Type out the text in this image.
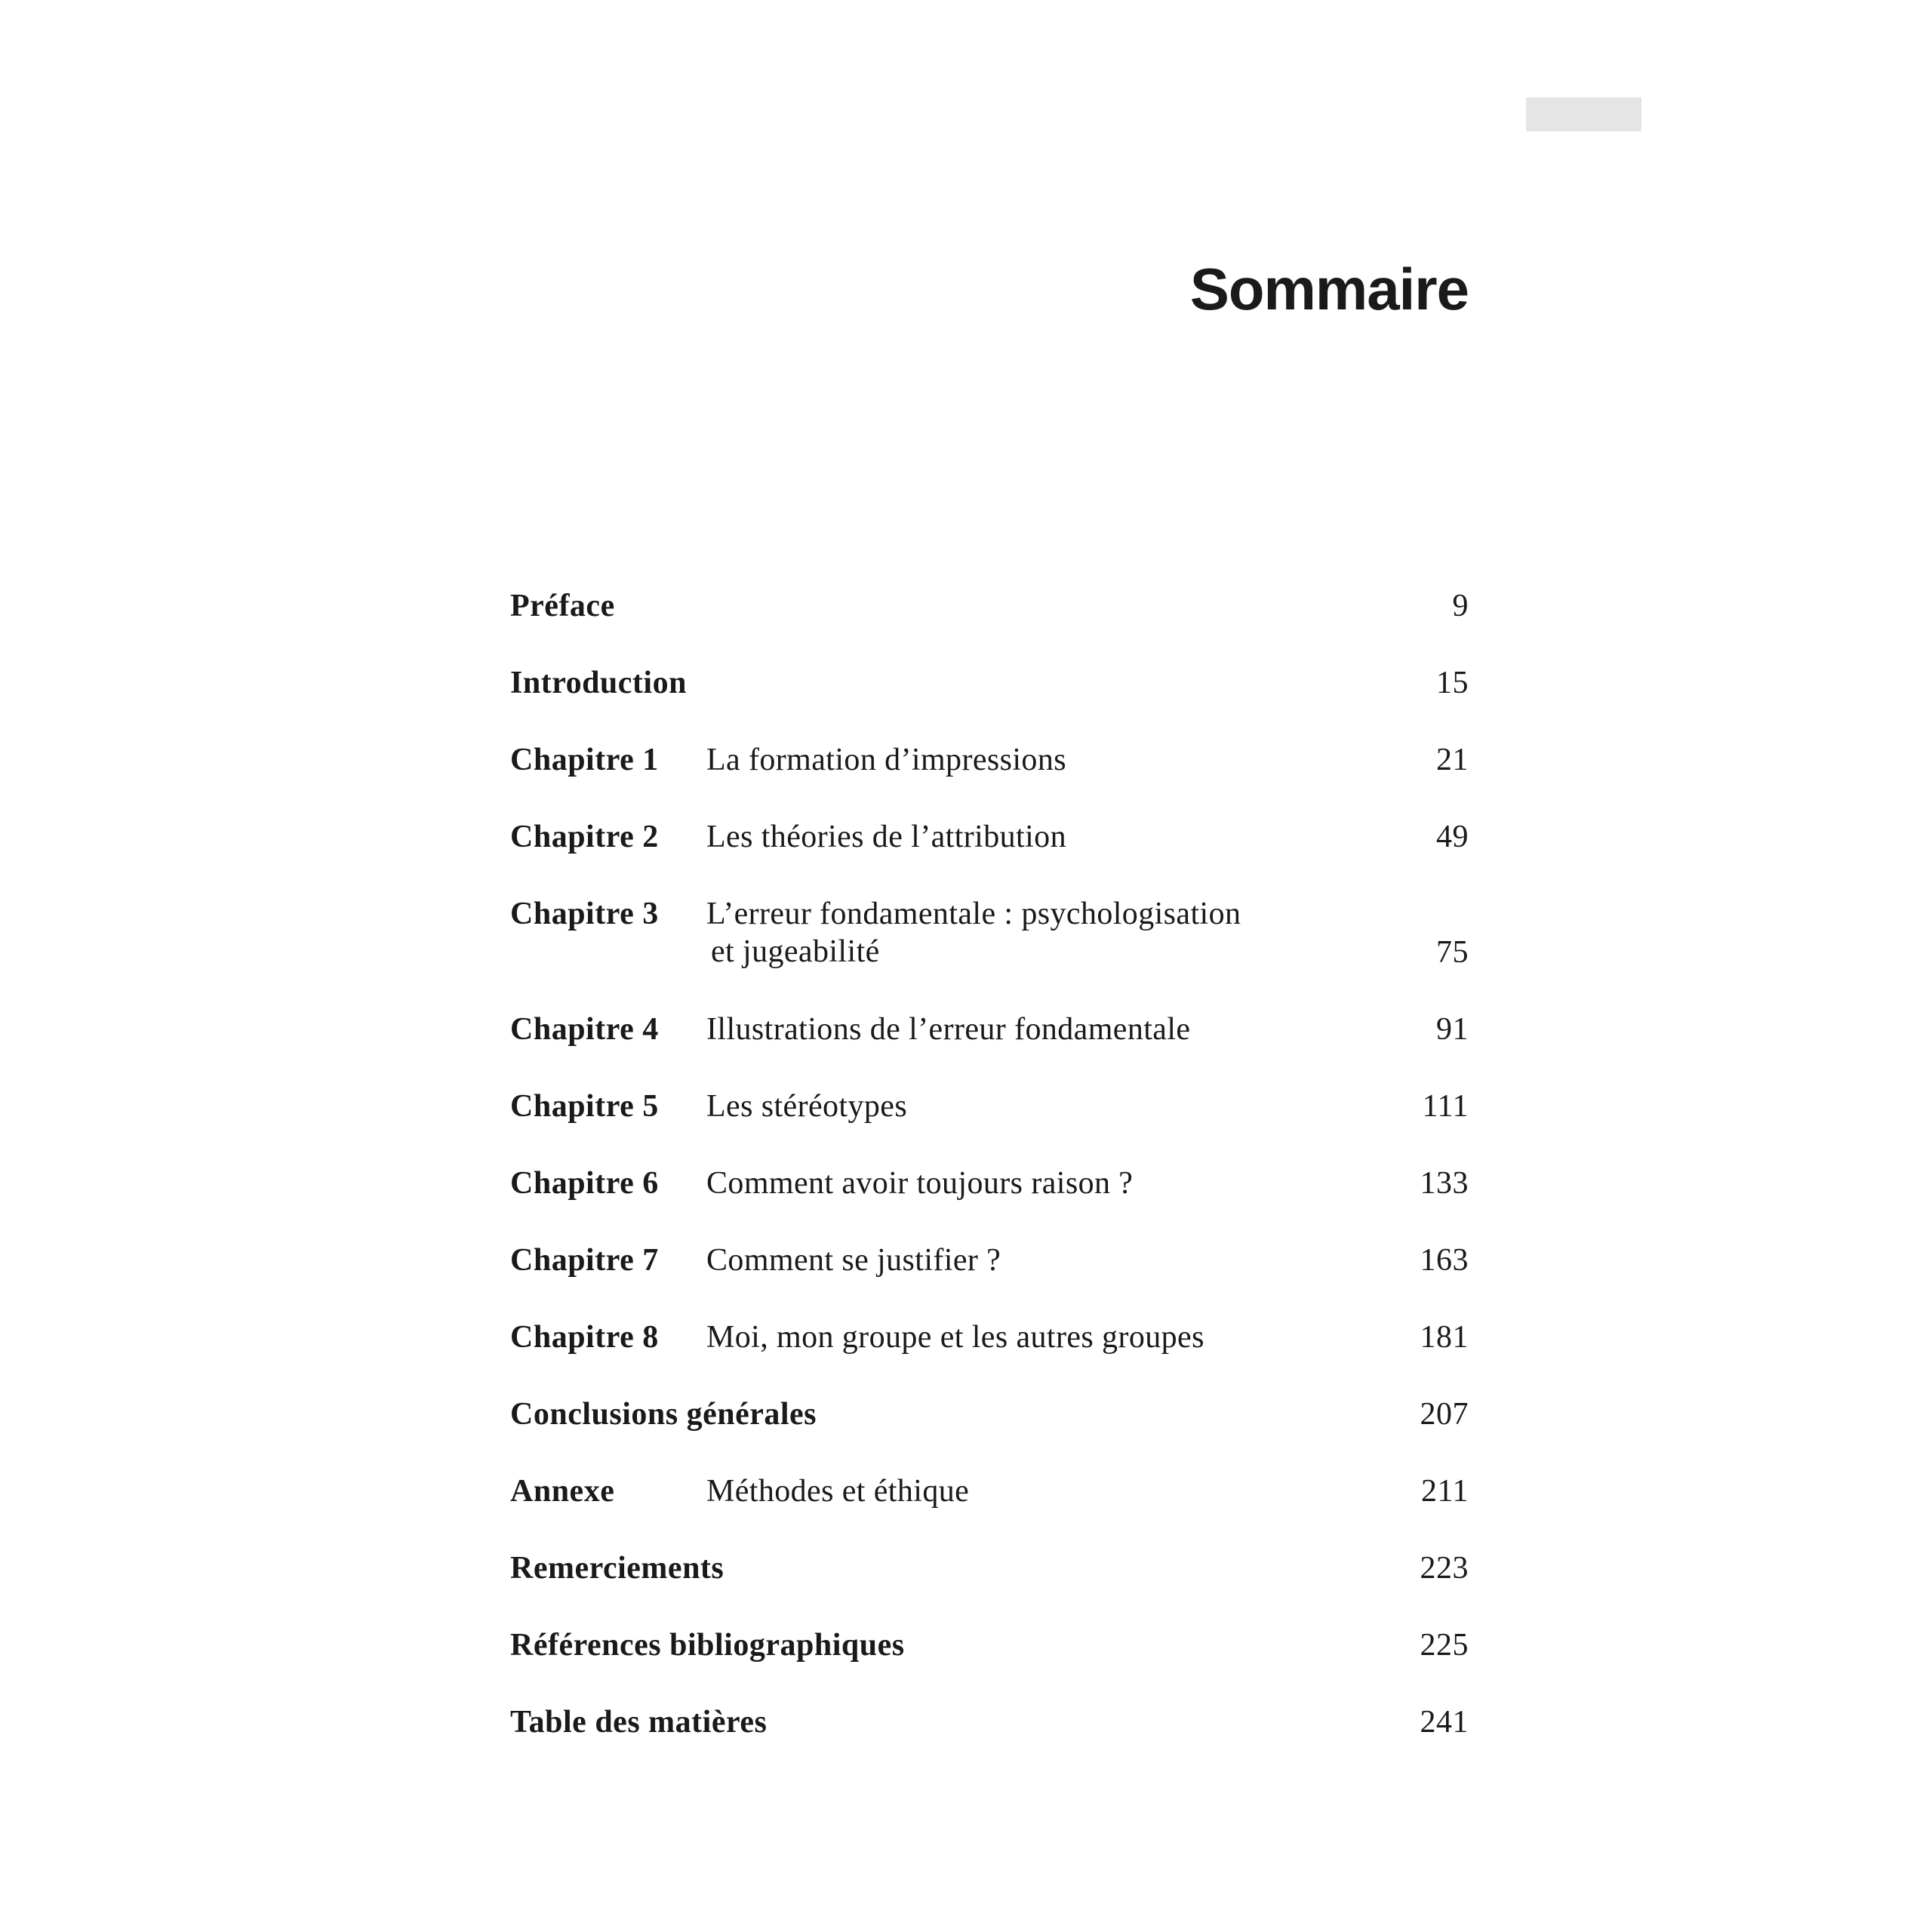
Sommaire
Préface	9
Introduction	15
Chapitre 1	La formation d’impressions	21
Chapitre 2	Les théories de l’attribution	49
Chapitre 3	L’erreur fondamentale : psychologisation
et jugeabilité	75
Chapitre 4	Illustrations de l’erreur fondamentale	91
Chapitre 5	Les stéréotypes	111
Chapitre 6	Comment avoir toujours raison ?	133
Chapitre 7	Comment se justifier ?	163
Chapitre 8	Moi, mon groupe et les autres groupes	181
Conclusions générales	207
Annexe	Méthodes et éthique	211
Remerciements	223
Références bibliographiques	225
Table des matières	241
